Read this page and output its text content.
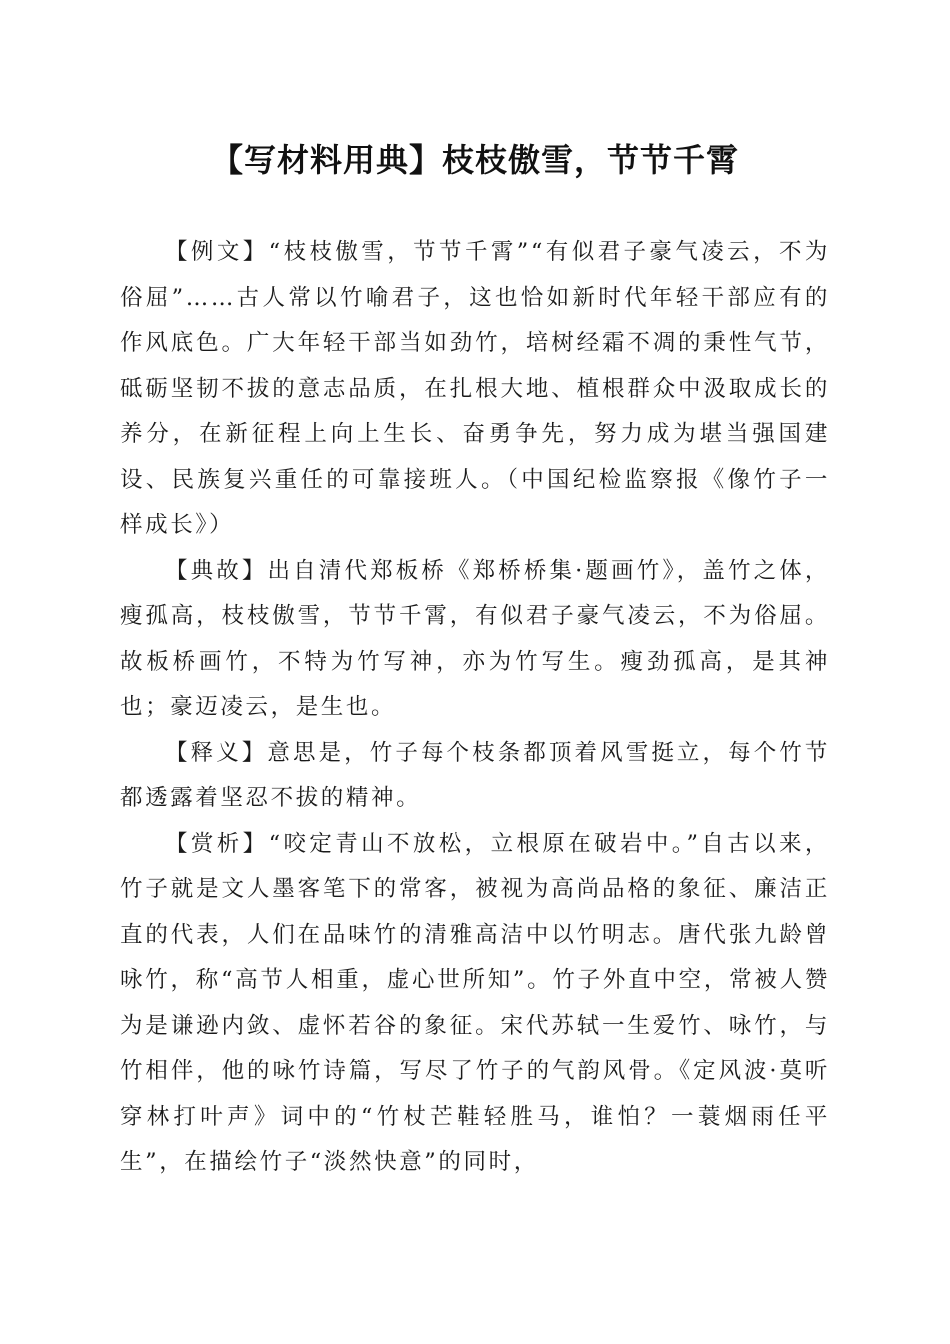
【写材料用典】枝枝傲雪，节节千霄

【例文】“枝枝傲雪，节节千霄”“有似君子豪气凌云，不为俗屈”……古人常以竹喻君子，这也恰如新时代年轻干部应有的作风底色。广大年轻干部当如劲竹，培树经霜不凋的秉性气节，砥砺坚韧不拔的意志品质，在扎根大地、植根群众中汲取成长的养分，在新征程上向上生长、奋勇争先，努力成为堪当强国建设、民族复兴重任的可靠接班人。（中国纪检监察报《像竹子一样成长》）

【典故】出自清代郑板桥《郑桥桥集·题画竹》，盖竹之体，瘦孤高，枝枝傲雪，节节千霄，有似君子豪气凌云，不为俗屈。故板桥画竹，不特为竹写神，亦为竹写生。瘦劲孤高，是其神也；豪迈凌云，是生也。

【释义】意思是，竹子每个枝条都顶着风雪挺立，每个竹节都透露着坚忍不拔的精神。

【赏析】“咬定青山不放松，立根原在破岩中。”自古以来，竹子就是文人墨客笔下的常客，被视为高尚品格的象征、廉洁正直的代表，人们在品味竹的清雅高洁中以竹明志。唐代张九龄曾咏竹，称“高节人相重，虚心世所知”。竹子外直中空，常被人赞为是谦逊内敛、虚怀若谷的象征。宋代苏轼一生爱竹、咏竹，与竹相伴，他的咏竹诗篇，写尽了竹子的气韵风骨。《定风波·莫听穿林打叶声》词中的“竹杖芒鞋轻胜马，谁怕？一蓑烟雨任平生”，在描绘竹子“淡然快意”的同时，
